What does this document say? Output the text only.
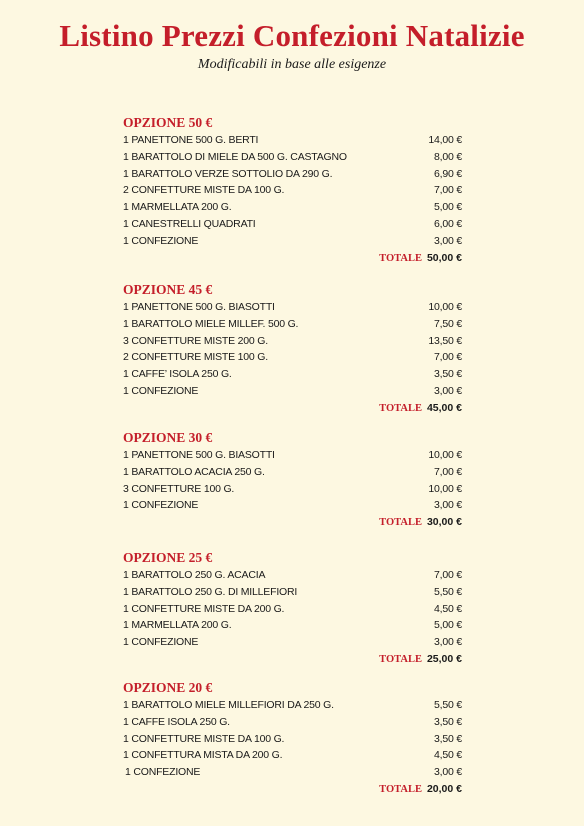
Listino Prezzi Confezioni Natalizie
Modificabili in base alle esigenze
OPZIONE 50 €
1 PANETTONE 500 G. BERTI	14,00 €
1 BARATTOLO DI MIELE DA 500 G. CASTAGNO	8,00 €
1 BARATTOLO VERZE SOTTOLIO DA 290 G.	6,90 €
2 CONFETTURE MISTE DA 100 G.	7,00 €
1 MARMELLATA 200 G.	5,00 €
1 CANESTRELLI QUADRATI	6,00 €
1 CONFEZIONE	3,00 €
TOTALE 50,00 €
OPZIONE 45 €
1 PANETTONE 500 G. BIASOTTI	10,00 €
1 BARATTOLO MIELE MILLEF. 500 G.	7,50 €
3 CONFETTURE MISTE 200 G.	13,50 €
2 CONFETTURE MISTE 100 G.	7,00 €
1 CAFFE’ ISOLA 250 G.	3,50 €
1 CONFEZIONE	3,00 €
TOTALE 45,00 €
OPZIONE 30 €
1 PANETTONE 500 G. BIASOTTI	10,00 €
1 BARATTOLO ACACIA 250 G.	7,00 €
3 CONFETTURE 100 G.	10,00 €
1 CONFEZIONE	3,00 €
TOTALE 30,00 €
OPZIONE 25 €
1 BARATTOLO 250 G. ACACIA	7,00 €
1 BARATTOLO 250 G. DI MILLEFIORI	5,50 €
1 CONFETTURE MISTE DA 200 G.	4,50 €
1 MARMELLATA 200 G.	5,00 €
1 CONFEZIONE	3,00 €
TOTALE 25,00 €
OPZIONE 20 €
1 BARATTOLO MIELE MILLEFIORI DA 250 G.	5,50 €
1 CAFFE ISOLA 250 G.	3,50 €
1 CONFETTURE MISTE DA 100 G.	3,50 €
1 CONFETTURA MISTA DA 200 G.	4,50 €
1 CONFEZIONE	3,00 €
TOTALE 20,00 €
